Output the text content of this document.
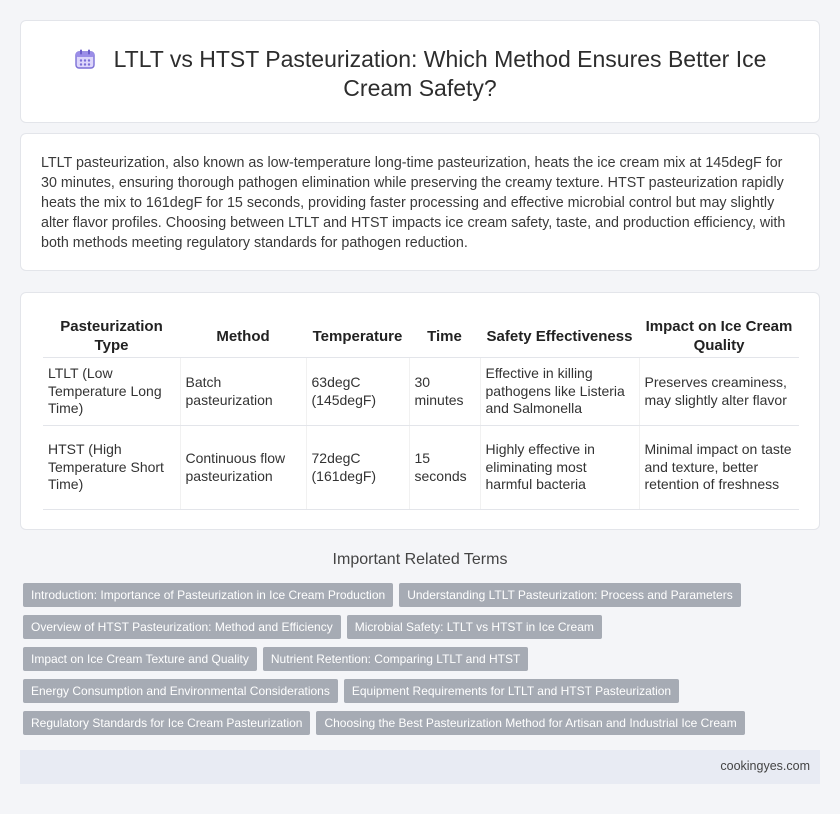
LTLT vs HTST Pasteurization: Which Method Ensures Better Ice Cream Safety?

LTLT pasteurization, also known as low-temperature long-time pasteurization, heats the ice cream mix at 145degF for 30 minutes, ensuring thorough pathogen elimination while preserving the creamy texture. HTST pasteurization rapidly heats the mix to 161degF for 15 seconds, providing faster processing and effective microbial control but may slightly alter flavor profiles. Choosing between LTLT and HTST impacts ice cream safety, taste, and production efficiency, with both methods meeting regulatory standards for pathogen reduction.

Pasteurization Type	Method	Temperature	Time	Safety Effectiveness	Impact on Ice Cream Quality
LTLT (Low Temperature Long Time)	Batch pasteurization	63degC (145degF)	30 minutes	Effective in killing pathogens like Listeria and Salmonella	Preserves creaminess, may slightly alter flavor
HTST (High Temperature Short Time)	Continuous flow pasteurization	72degC (161degF)	15 seconds	Highly effective in eliminating most harmful bacteria	Minimal impact on taste and texture, better retention of freshness
Important Related Terms
Introduction: Importance of Pasteurization in Ice Cream Production Understanding LTLT Pasteurization: Process and Parameters
Overview of HTST Pasteurization: Method and Efficiency Microbial Safety: LTLT vs HTST in Ice Cream
Impact on Ice Cream Texture and Quality Nutrient Retention: Comparing LTLT and HTST
Energy Consumption and Environmental Considerations Equipment Requirements for LTLT and HTST Pasteurization
Regulatory Standards for Ice Cream Pasteurization Choosing the Best Pasteurization Method for Artisan and Industrial Ice Cream
cookingyes.com
